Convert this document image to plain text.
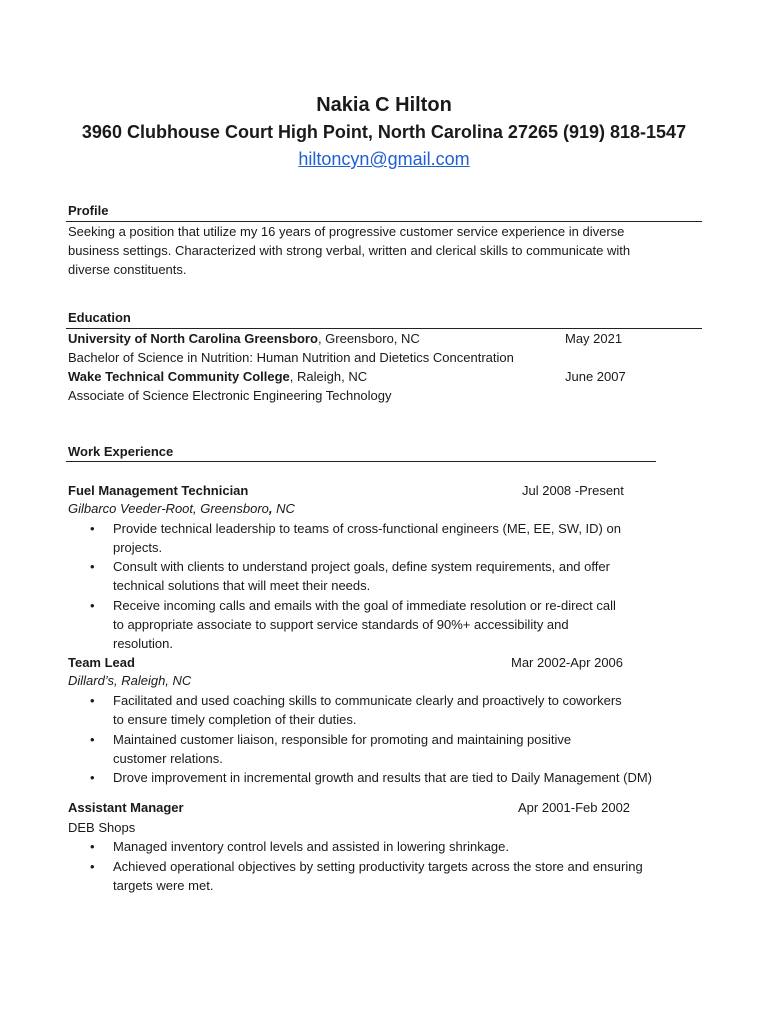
Nakia C Hilton
3960 Clubhouse Court High Point, North Carolina 27265 (919) 818-1547
hiltoncyn@gmail.com
Profile
Seeking a position that utilize my 16 years of progressive customer service experience in diverse
business settings. Characterized with strong verbal, written and clerical skills to communicate with
diverse constituents.
Education
University of North Carolina Greensboro, Greensboro, NC	May 2021
Bachelor of Science in Nutrition: Human Nutrition and Dietetics Concentration
Wake Technical Community College, Raleigh, NC	June 2007
Associate of Science Electronic Engineering Technology
Work Experience
Fuel Management Technician	Jul 2008 -Present
Gilbarco Veeder-Root, Greensboro, NC
• Provide technical leadership to teams of cross-functional engineers (ME, EE, SW, ID) on
projects.
• Consult with clients to understand project goals, define system requirements, and offer
technical solutions that will meet their needs.
• Receive incoming calls and emails with the goal of immediate resolution or re-direct call
to appropriate associate to support service standards of 90%+ accessibility and
resolution.
Team Lead	Mar 2002-Apr 2006
Dillard’s, Raleigh, NC
• Facilitated and used coaching skills to communicate clearly and proactively to coworkers
to ensure timely completion of their duties.
• Maintained customer liaison, responsible for promoting and maintaining positive
customer relations.
• Drove improvement in incremental growth and results that are tied to Daily Management (DM)
Assistant Manager	Apr 2001-Feb 2002
DEB Shops
• Managed inventory control levels and assisted in lowering shrinkage.
• Achieved operational objectives by setting productivity targets across the store and ensuring
targets were met.
